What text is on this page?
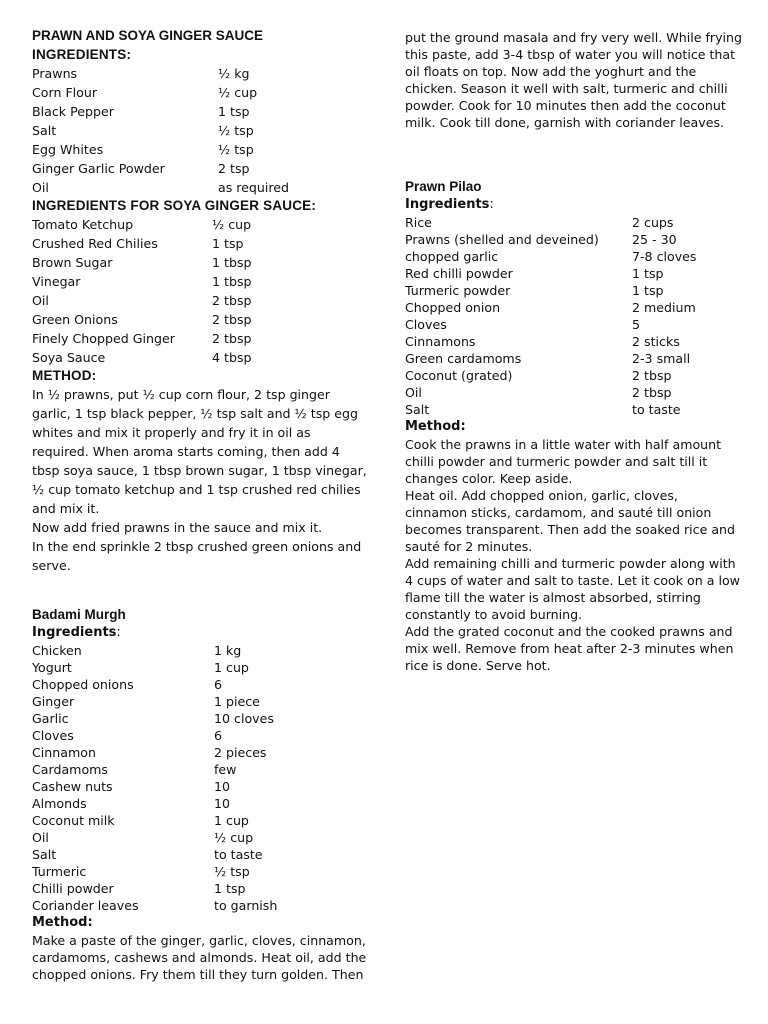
PRAWN AND SOYA GINGER SAUCE
INGREDIENTS:
Prawns	½ kg
Corn Flour	½ cup
Black Pepper	1 tsp
Salt	½ tsp
Egg Whites	½ tsp
Ginger Garlic Powder	2 tsp
Oil	as required
INGREDIENTS FOR SOYA GINGER SAUCE:
Tomato Ketchup	½ cup
Crushed Red Chilies	1 tsp
Brown Sugar	1 tbsp
Vinegar	1 tbsp
Oil	2 tbsp
Green Onions	2 tbsp
Finely Chopped Ginger	2 tbsp
Soya Sauce	4 tbsp
METHOD:

In ½ prawns, put ½ cup corn flour, 2 tsp ginger garlic, 1 tsp black pepper, ½ tsp salt and ½ tsp egg whites and mix it properly and fry it in oil as required. When aroma starts coming, then add 4 tbsp soya sauce, 1 tbsp brown sugar, 1 tbsp vinegar, ½ cup tomato ketchup and 1 tsp crushed red chilies and mix it.

Now add fried prawns in the sauce and mix it.

In the end sprinkle 2 tbsp crushed green onions and serve.

Badami Murgh
Ingredients:
Chicken	1 kg
Yogurt	1 cup
Chopped onions	6
Ginger	1 piece
Garlic	10 cloves
Cloves	6
Cinnamon	2 pieces
Cardamoms	few
Cashew nuts	10
Almonds	10
Coconut milk	1 cup
Oil	½ cup
Salt	to taste
Turmeric	½ tsp
Chilli powder	1 tsp
Coriander leaves	to garnish
Method:

Make a paste of the ginger, garlic, cloves, cinnamon, cardamoms, cashews and almonds. Heat oil, add the chopped onions. Fry them till they turn golden. Then

put the ground masala and fry very well. While frying this paste, add 3-4 tbsp of water you will notice that oil floats on top. Now add the yoghurt and the chicken. Season it well with salt, turmeric and chilli powder. Cook for 10 minutes then add the coconut milk. Cook till done, garnish with coriander leaves.

Prawn Pilao
Ingredients:
Rice	2 cups
Prawns (shelled and deveined)	25 - 30
chopped garlic	7-8 cloves
Red chilli powder	1 tsp
Turmeric powder	1 tsp
Chopped onion	2 medium
Cloves	5
Cinnamons	2 sticks
Green cardamoms	2-3 small
Coconut (grated)	2 tbsp
Oil	2 tbsp
Salt	to taste
Method:

Cook the prawns in a little water with half amount chilli powder and turmeric powder and salt till it changes color. Keep aside.

Heat oil. Add chopped onion, garlic, cloves, cinnamon sticks, cardamom, and sauté till onion becomes transparent. Then add the soaked rice and sauté for 2 minutes.

Add remaining chilli and turmeric powder along with 4 cups of water and salt to taste. Let it cook on a low flame till the water is almost absorbed, stirring constantly to avoid burning.

Add the grated coconut and the cooked prawns and mix well. Remove from heat after 2-3 minutes when rice is done. Serve hot.
